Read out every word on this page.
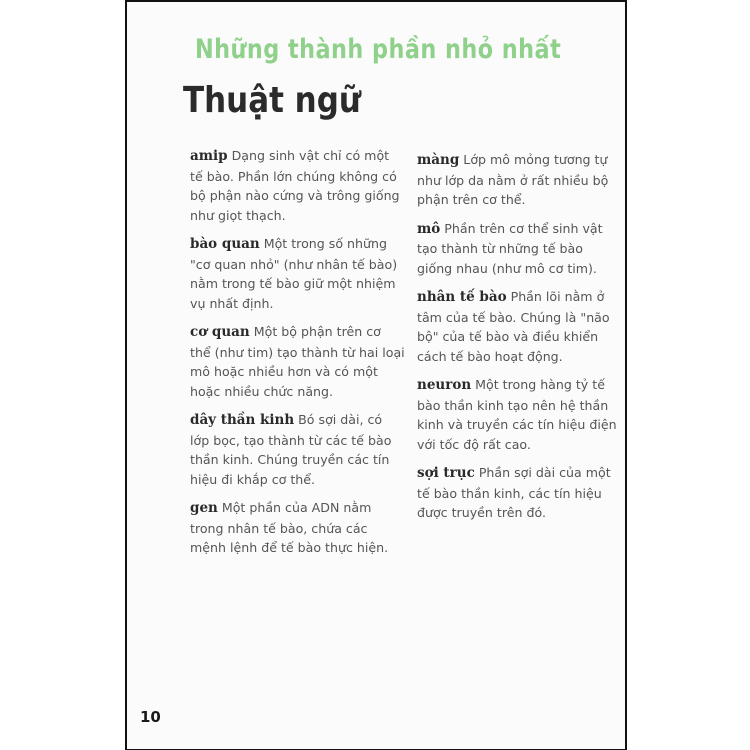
Những thành phần nhỏ nhất
Thuật ngữ

amip Dạng sinh vật chỉ có một tế bào. Phần lớn chúng không có bộ phận nào cứng và trông giống như giọt thạch.

bào quan Một trong số những "cơ quan nhỏ" (như nhân tế bào) nằm trong tế bào giữ một nhiệm vụ nhất định.

cơ quan Một bộ phận trên cơ thể (như tim) tạo thành từ hai loại mô hoặc nhiều hơn và có một hoặc nhiều chức năng.

dây thần kinh Bó sợi dài, có lớp bọc, tạo thành từ các tế bào thần kinh. Chúng truyền các tín hiệu đi khắp cơ thể.

gen Một phần của ADN nằm trong nhân tế bào, chứa các mệnh lệnh để tế bào thực hiện.

màng Lớp mô mỏng tương tự như lớp da nằm ở rất nhiều bộ phận trên cơ thể.

mô Phần trên cơ thể sinh vật tạo thành từ những tế bào giống nhau (như mô cơ tim).

nhân tế bào Phần lõi nằm ở tâm của tế bào. Chúng là "não bộ" của tế bào và điều khiển cách tế bào hoạt động.

neuron Một trong hàng tỷ tế bào thần kinh tạo nên hệ thần kinh và truyền các tín hiệu điện với tốc độ rất cao.

sợi trục Phần sợi dài của một tế bào thần kinh, các tín hiệu được truyền trên đó.

10
